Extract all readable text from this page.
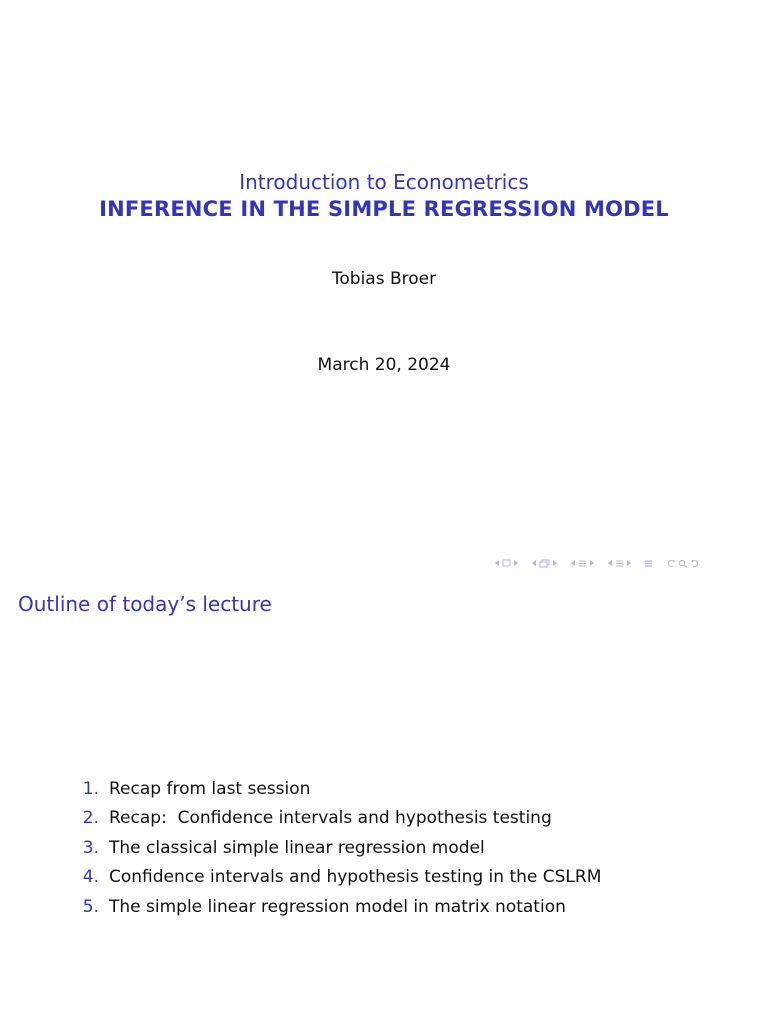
Introduction to Econometrics
INFERENCE IN THE SIMPLE REGRESSION MODEL
Tobias Broer
March 20, 2024
Outline of today’s lecture
1. Recap from last session
2. Recap:  Confidence intervals and hypothesis testing
3. The classical simple linear regression model
4. Confidence intervals and hypothesis testing in the CSLRM
5. The simple linear regression model in matrix notation
